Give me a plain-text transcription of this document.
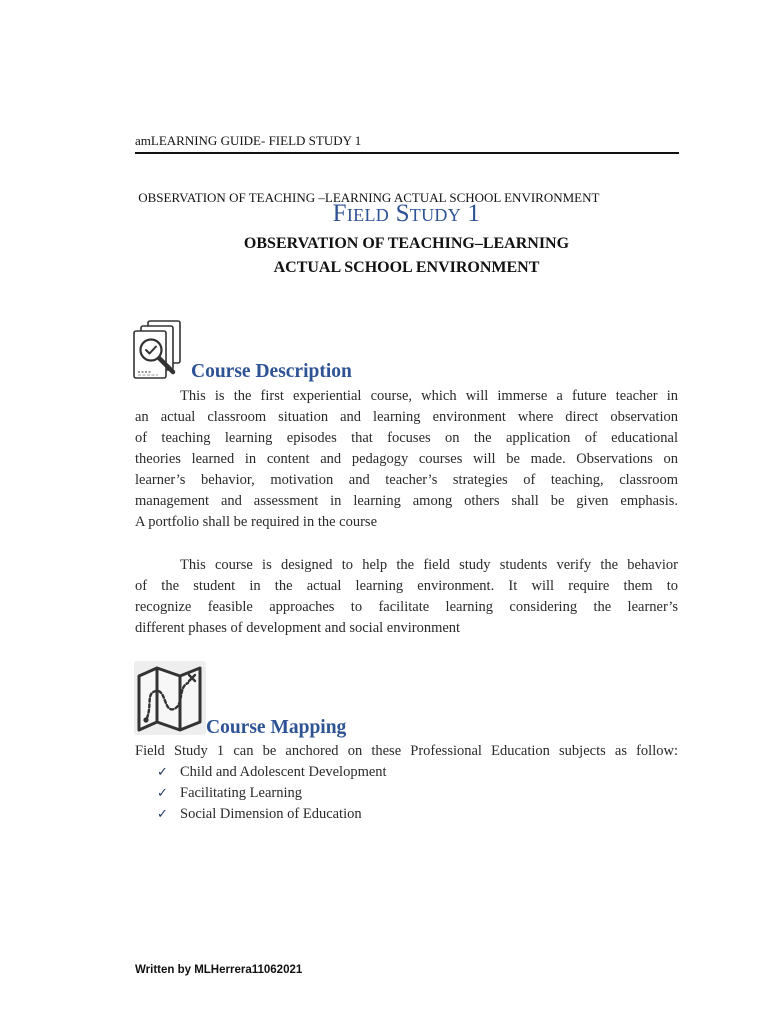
amLEARNING GUIDE- FIELD STUDY 1

OBSERVATION OF TEACHING –LEARNING ACTUAL SCHOOL ENVIRONMENT

Field Study 1
OBSERVATION OF TEACHING–LEARNING
ACTUAL SCHOOL ENVIRONMENT
Course Description
This is the first experiential course, which will immerse a future teacher in
an actual classroom situation and learning environment where direct observation
of teaching learning episodes that focuses on the application of educational
theories learned in content and pedagogy courses will be made. Observations on
learner’s behavior, motivation and teacher’s strategies of teaching, classroom
management and assessment in learning among others shall be given emphasis.
A portfolio shall be required in the course
This course is designed to help the field study students verify the behavior
of the student in the actual learning environment. It will require them to
recognize feasible approaches to facilitate learning considering the learner’s
different phases of development and social environment
Course Mapping
Field Study 1 can be anchored on these Professional Education subjects as follow:
✓ Child and Adolescent Development
✓ Facilitating Learning
✓ Social Dimension of Education
Written by MLHerrera11062021
